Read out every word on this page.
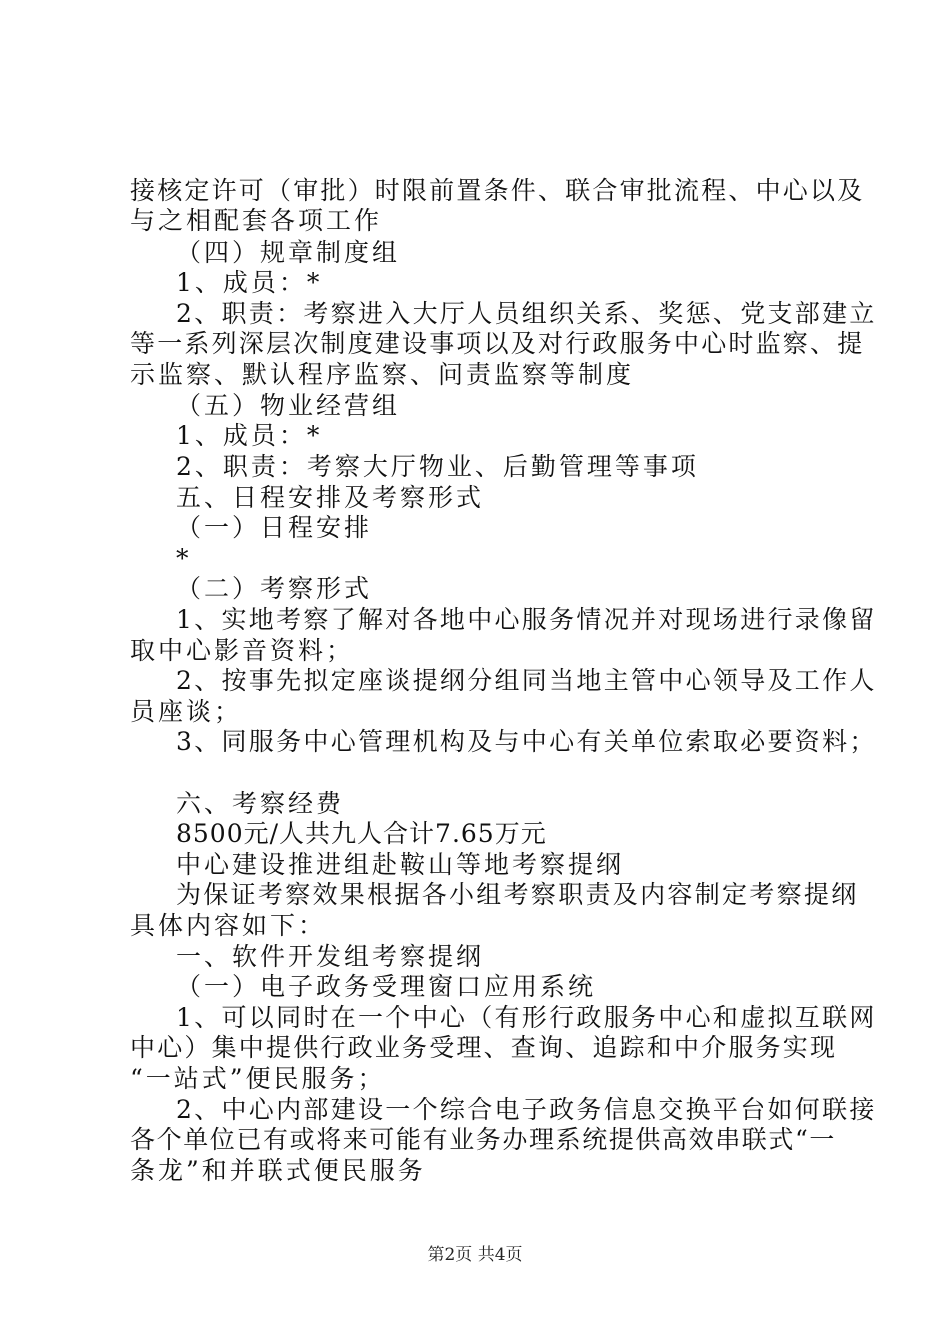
接核定许可（审批）时限前置条件、联合审批流程、中心以及
与之相配套各项工作
（四）规章制度组
1、成员：*
2、职责：考察进入大厅人员组织关系、奖惩、党支部建立
等一系列深层次制度建设事项以及对行政服务中心时监察、提
示监察、默认程序监察、问责监察等制度
（五）物业经营组
1、成员：*
2、职责：考察大厅物业、后勤管理等事项
五、日程安排及考察形式
（一）日程安排
*
（二）考察形式
1、实地考察了解对各地中心服务情况并对现场进行录像留
取中心影音资料；
2、按事先拟定座谈提纲分组同当地主管中心领导及工作人
员座谈；
3、同服务中心管理机构及与中心有关单位索取必要资料；
六、考察经费
8500元/人共九人合计7.65万元
中心建设推进组赴鞍山等地考察提纲
为保证考察效果根据各小组考察职责及内容制定考察提纲
具体内容如下：
一、软件开发组考察提纲
（一）电子政务受理窗口应用系统
1、可以同时在一个中心（有形行政服务中心和虚拟互联网
中心）集中提供行政业务受理、查询、追踪和中介服务实现
“一站式”便民服务；
2、中心内部建设一个综合电子政务信息交换平台如何联接
各个单位已有或将来可能有业务办理系统提供高效串联式“一
条龙”和并联式便民服务
第2页 共4页
